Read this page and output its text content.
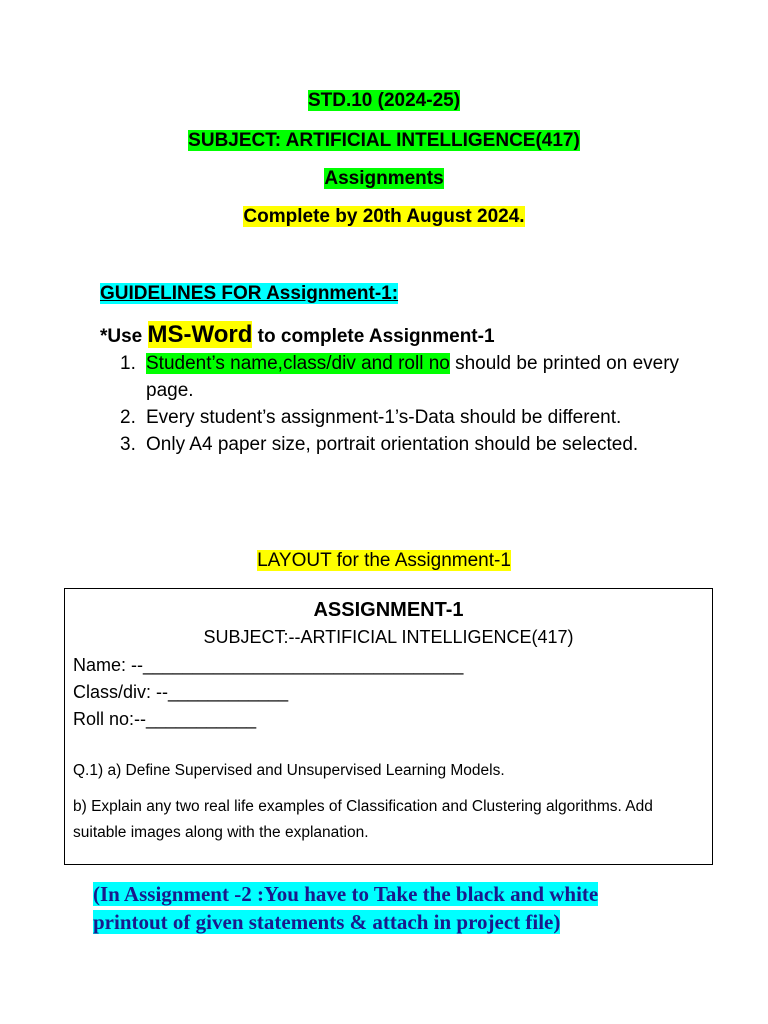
STD.10 (2024-25)
SUBJECT: ARTIFICIAL INTELLIGENCE(417)
Assignments
Complete by 20th August 2024.
GUIDELINES FOR Assignment-1:
*Use MS-Word to complete Assignment-1
1. Student’s name,class/div and roll no should be printed on every page.
2. Every student’s assignment-1’s-Data should be different.
3. Only A4 paper size, portrait orientation should be selected.
LAYOUT for the Assignment-1
ASSIGNMENT-1
SUBJECT:--ARTIFICIAL INTELLIGENCE(417)
Name: --________________________________
Class/div: --____________
Roll no:--___________
Q.1) a) Define Supervised and Unsupervised Learning Models.
b) Explain any two real life examples of Classification and Clustering algorithms. Add suitable images along with the explanation.
(In Assignment -2 :You have to Take the black and white printout of given statements & attach in project file)
